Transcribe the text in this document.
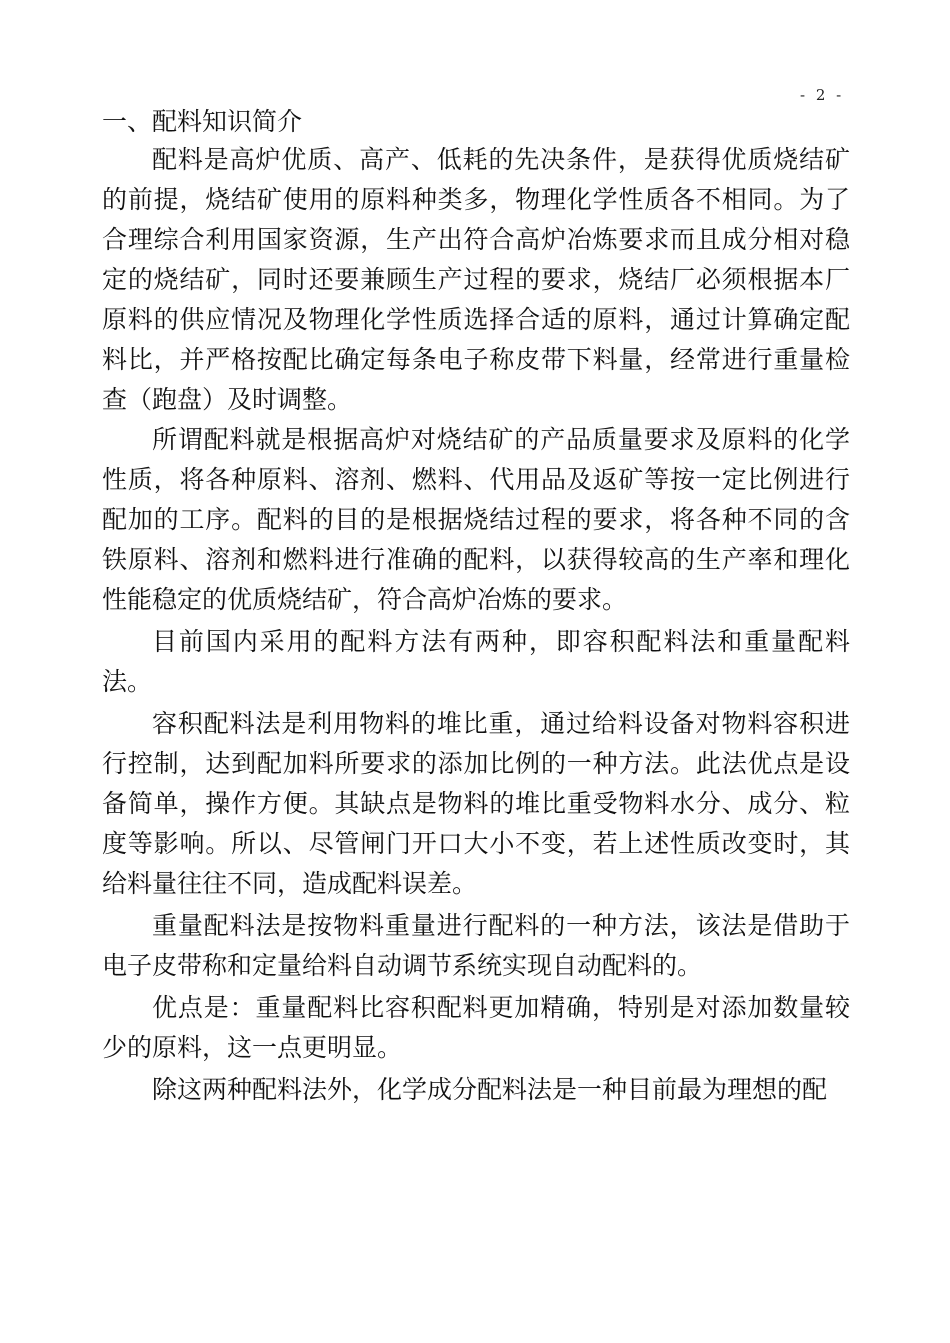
- 2 -
一、配料知识简介

配料是高炉优质、高产、低耗的先决条件，是获得优质烧结矿的前提，烧结矿使用的原料种类多，物理化学性质各不相同。为了合理综合利用国家资源，生产出符合高炉冶炼要求而且成分相对稳定的烧结矿，同时还要兼顾生产过程的要求，烧结厂必须根据本厂原料的供应情况及物理化学性质选择合适的原料，通过计算确定配料比，并严格按配比确定每条电子称皮带下料量，经常进行重量检查（跑盘）及时调整。

所谓配料就是根据高炉对烧结矿的产品质量要求及原料的化学性质，将各种原料、溶剂、燃料、代用品及返矿等按一定比例进行配加的工序。配料的目的是根据烧结过程的要求，将各种不同的含铁原料、溶剂和燃料进行准确的配料，以获得较高的生产率和理化性能稳定的优质烧结矿，符合高炉冶炼的要求。

目前国内采用的配料方法有两种，即容积配料法和重量配料法。

容积配料法是利用物料的堆比重，通过给料设备对物料容积进行控制，达到配加料所要求的添加比例的一种方法。此法优点是设备简单，操作方便。其缺点是物料的堆比重受物料水分、成分、粒度等影响。所以、尽管闸门开口大小不变，若上述性质改变时，其给料量往往不同，造成配料误差。

重量配料法是按物料重量进行配料的一种方法，该法是借助于电子皮带称和定量给料自动调节系统实现自动配料的。

优点是：重量配料比容积配料更加精确，特别是对添加数量较少的原料，这一点更明显。

除这两种配料法外，化学成分配料法是一种目前最为理想的配
